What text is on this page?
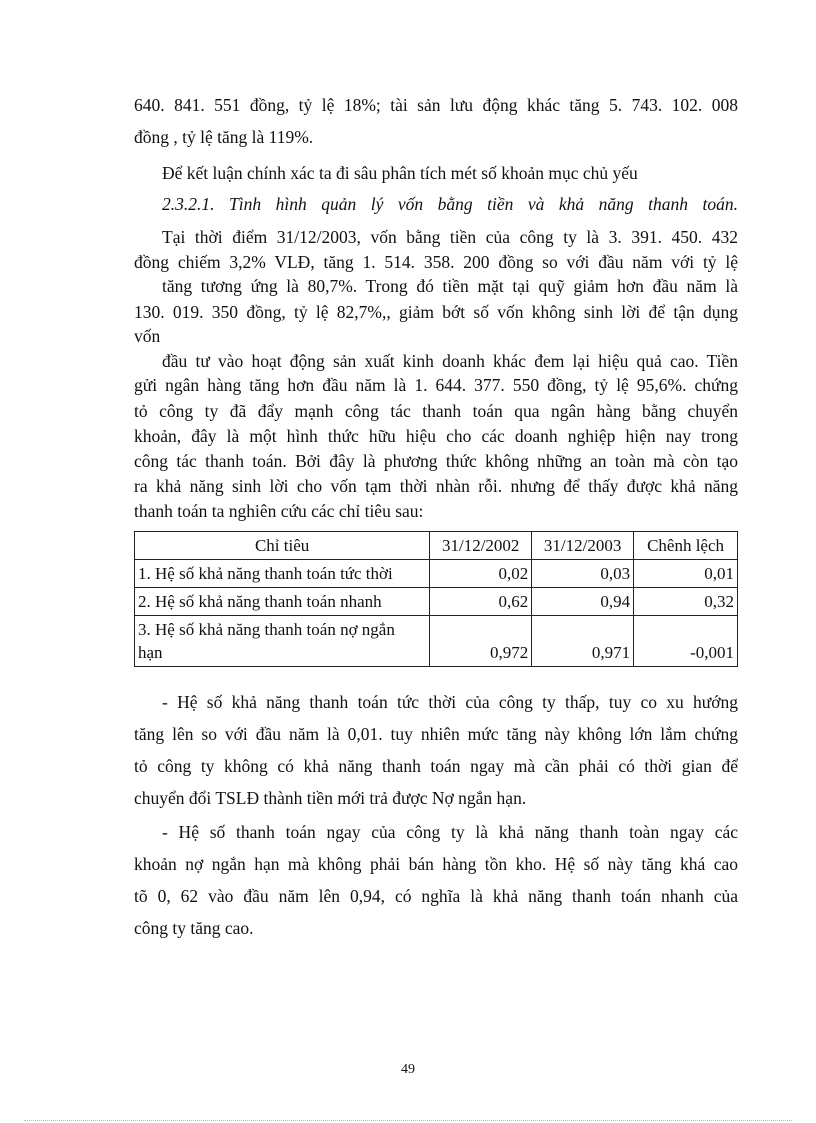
640. 841. 551 đồng, tỷ lệ 18%; tài sản lưu động khác tăng 5. 743. 102. 008
đồng , tỷ lệ tăng là 119%.
Để kết luận chính xác ta đi sâu phân tích mét số khoản mục chủ yếu
2.3.2.1. Tình hình quản lý vốn bằng tiền và khả năng thanh toán.
Tại thời điểm 31/12/2003, vốn bằng tiền của công ty là 3. 391. 450. 432
đồng chiếm 3,2% VLĐ, tăng 1. 514. 358. 200 đồng so với đầu năm với tỷ lệ
tăng tương ứng là 80,7%. Trong đó tiền mặt tại quỹ giảm hơn đầu năm là
130. 019. 350 đồng, tỷ lệ 82,7%,, giảm bớt số vốn không sinh lời để tận dụng
vốn
đầu tư vào hoạt động sản xuất kinh doanh khác đem lại hiệu quả cao. Tiền
gửi ngân hàng tăng hơn đầu năm là 1. 644. 377. 550 đồng, tỷ lệ 95,6%. chứng
tỏ công ty đã đẩy mạnh công tác thanh toán qua ngân hàng bằng chuyển
khoản, đây là một hình thức hữu hiệu cho các doanh nghiệp hiện nay trong
công tác thanh toán. Bởi đây là phương thức không những an toàn mà còn tạo
ra khả năng sinh lời cho vốn tạm thời nhàn rỗi. nhưng để thấy được khả năng
thanh toán ta nghiên cứu các chỉ tiêu sau:
Chỉ tiêu	31/12/2002	31/12/2003	Chênh lệch
1. Hệ số khả năng thanh toán tức thời	0,02	0,03	0,01
2. Hệ số khả năng thanh toán nhanh	0,62	0,94	0,32
3. Hệ số khả năng thanh toán nợ ngắn
hạn	0,972	0,971	-0,001
- Hệ số khả năng thanh toán tức thời của công ty thấp, tuy co xu hướng
tăng lên so với đầu năm là 0,01. tuy nhiên mức tăng này không lớn lắm chứng
tỏ công ty không có khả năng thanh toán ngay mà cần phải có thời gian để
chuyển đổi TSLĐ thành tiền mới trả được Nợ ngắn hạn.
- Hệ số thanh toán ngay của công ty là khả năng thanh toàn ngay các
khoản nợ ngắn hạn mà không phải bán hàng tồn kho. Hệ số này tăng khá cao
tõ 0, 62 vào đầu năm lên 0,94, có nghĩa là khả năng thanh toán nhanh của
công ty tăng cao.
49
